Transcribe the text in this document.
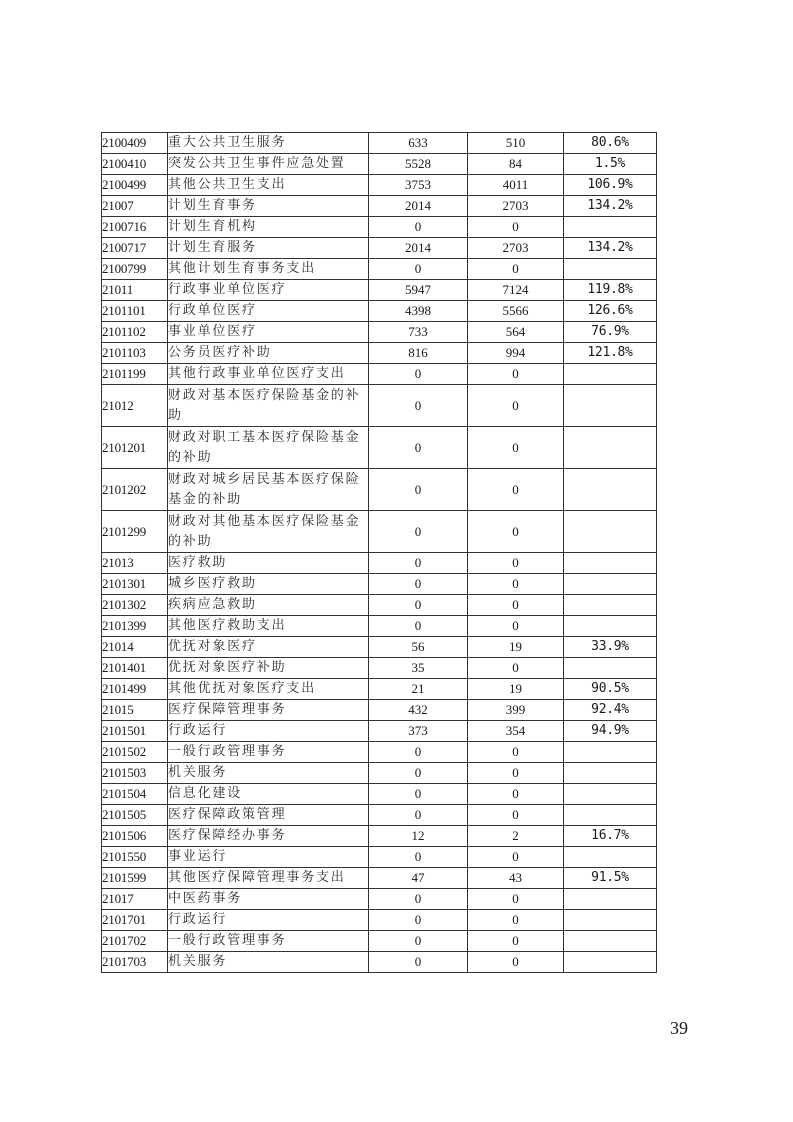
2100409	重大公共卫生服务	633	510	80.6%
2100410	突发公共卫生事件应急处置	5528	84	1.5%
2100499	其他公共卫生支出	3753	4011	106.9%
21007	计划生育事务	2014	2703	134.2%
2100716	计划生育机构	0	0	
2100717	计划生育服务	2014	2703	134.2%
2100799	其他计划生育事务支出	0	0	
21011	行政事业单位医疗	5947	7124	119.8%
2101101	行政单位医疗	4398	5566	126.6%
2101102	事业单位医疗	733	564	76.9%
2101103	公务员医疗补助	816	994	121.8%
2101199	其他行政事业单位医疗支出	0	0	
21012	财政对基本医疗保险基金的补助	0	0	
2101201	财政对职工基本医疗保险基金的补助	0	0	
2101202	财政对城乡居民基本医疗保险基金的补助	0	0	
2101299	财政对其他基本医疗保险基金的补助	0	0	
21013	医疗救助	0	0	
2101301	城乡医疗救助	0	0	
2101302	疾病应急救助	0	0	
2101399	其他医疗救助支出	0	0	
21014	优抚对象医疗	56	19	33.9%
2101401	优抚对象医疗补助	35	0	
2101499	其他优抚对象医疗支出	21	19	90.5%
21015	医疗保障管理事务	432	399	92.4%
2101501	行政运行	373	354	94.9%
2101502	一般行政管理事务	0	0	
2101503	机关服务	0	0	
2101504	信息化建设	0	0	
2101505	医疗保障政策管理	0	0	
2101506	医疗保障经办事务	12	2	16.7%
2101550	事业运行	0	0	
2101599	其他医疗保障管理事务支出	47	43	91.5%
21017	中医药事务	0	0	
2101701	行政运行	0	0	
2101702	一般行政管理事务	0	0	
2101703	机关服务	0	0	
39
